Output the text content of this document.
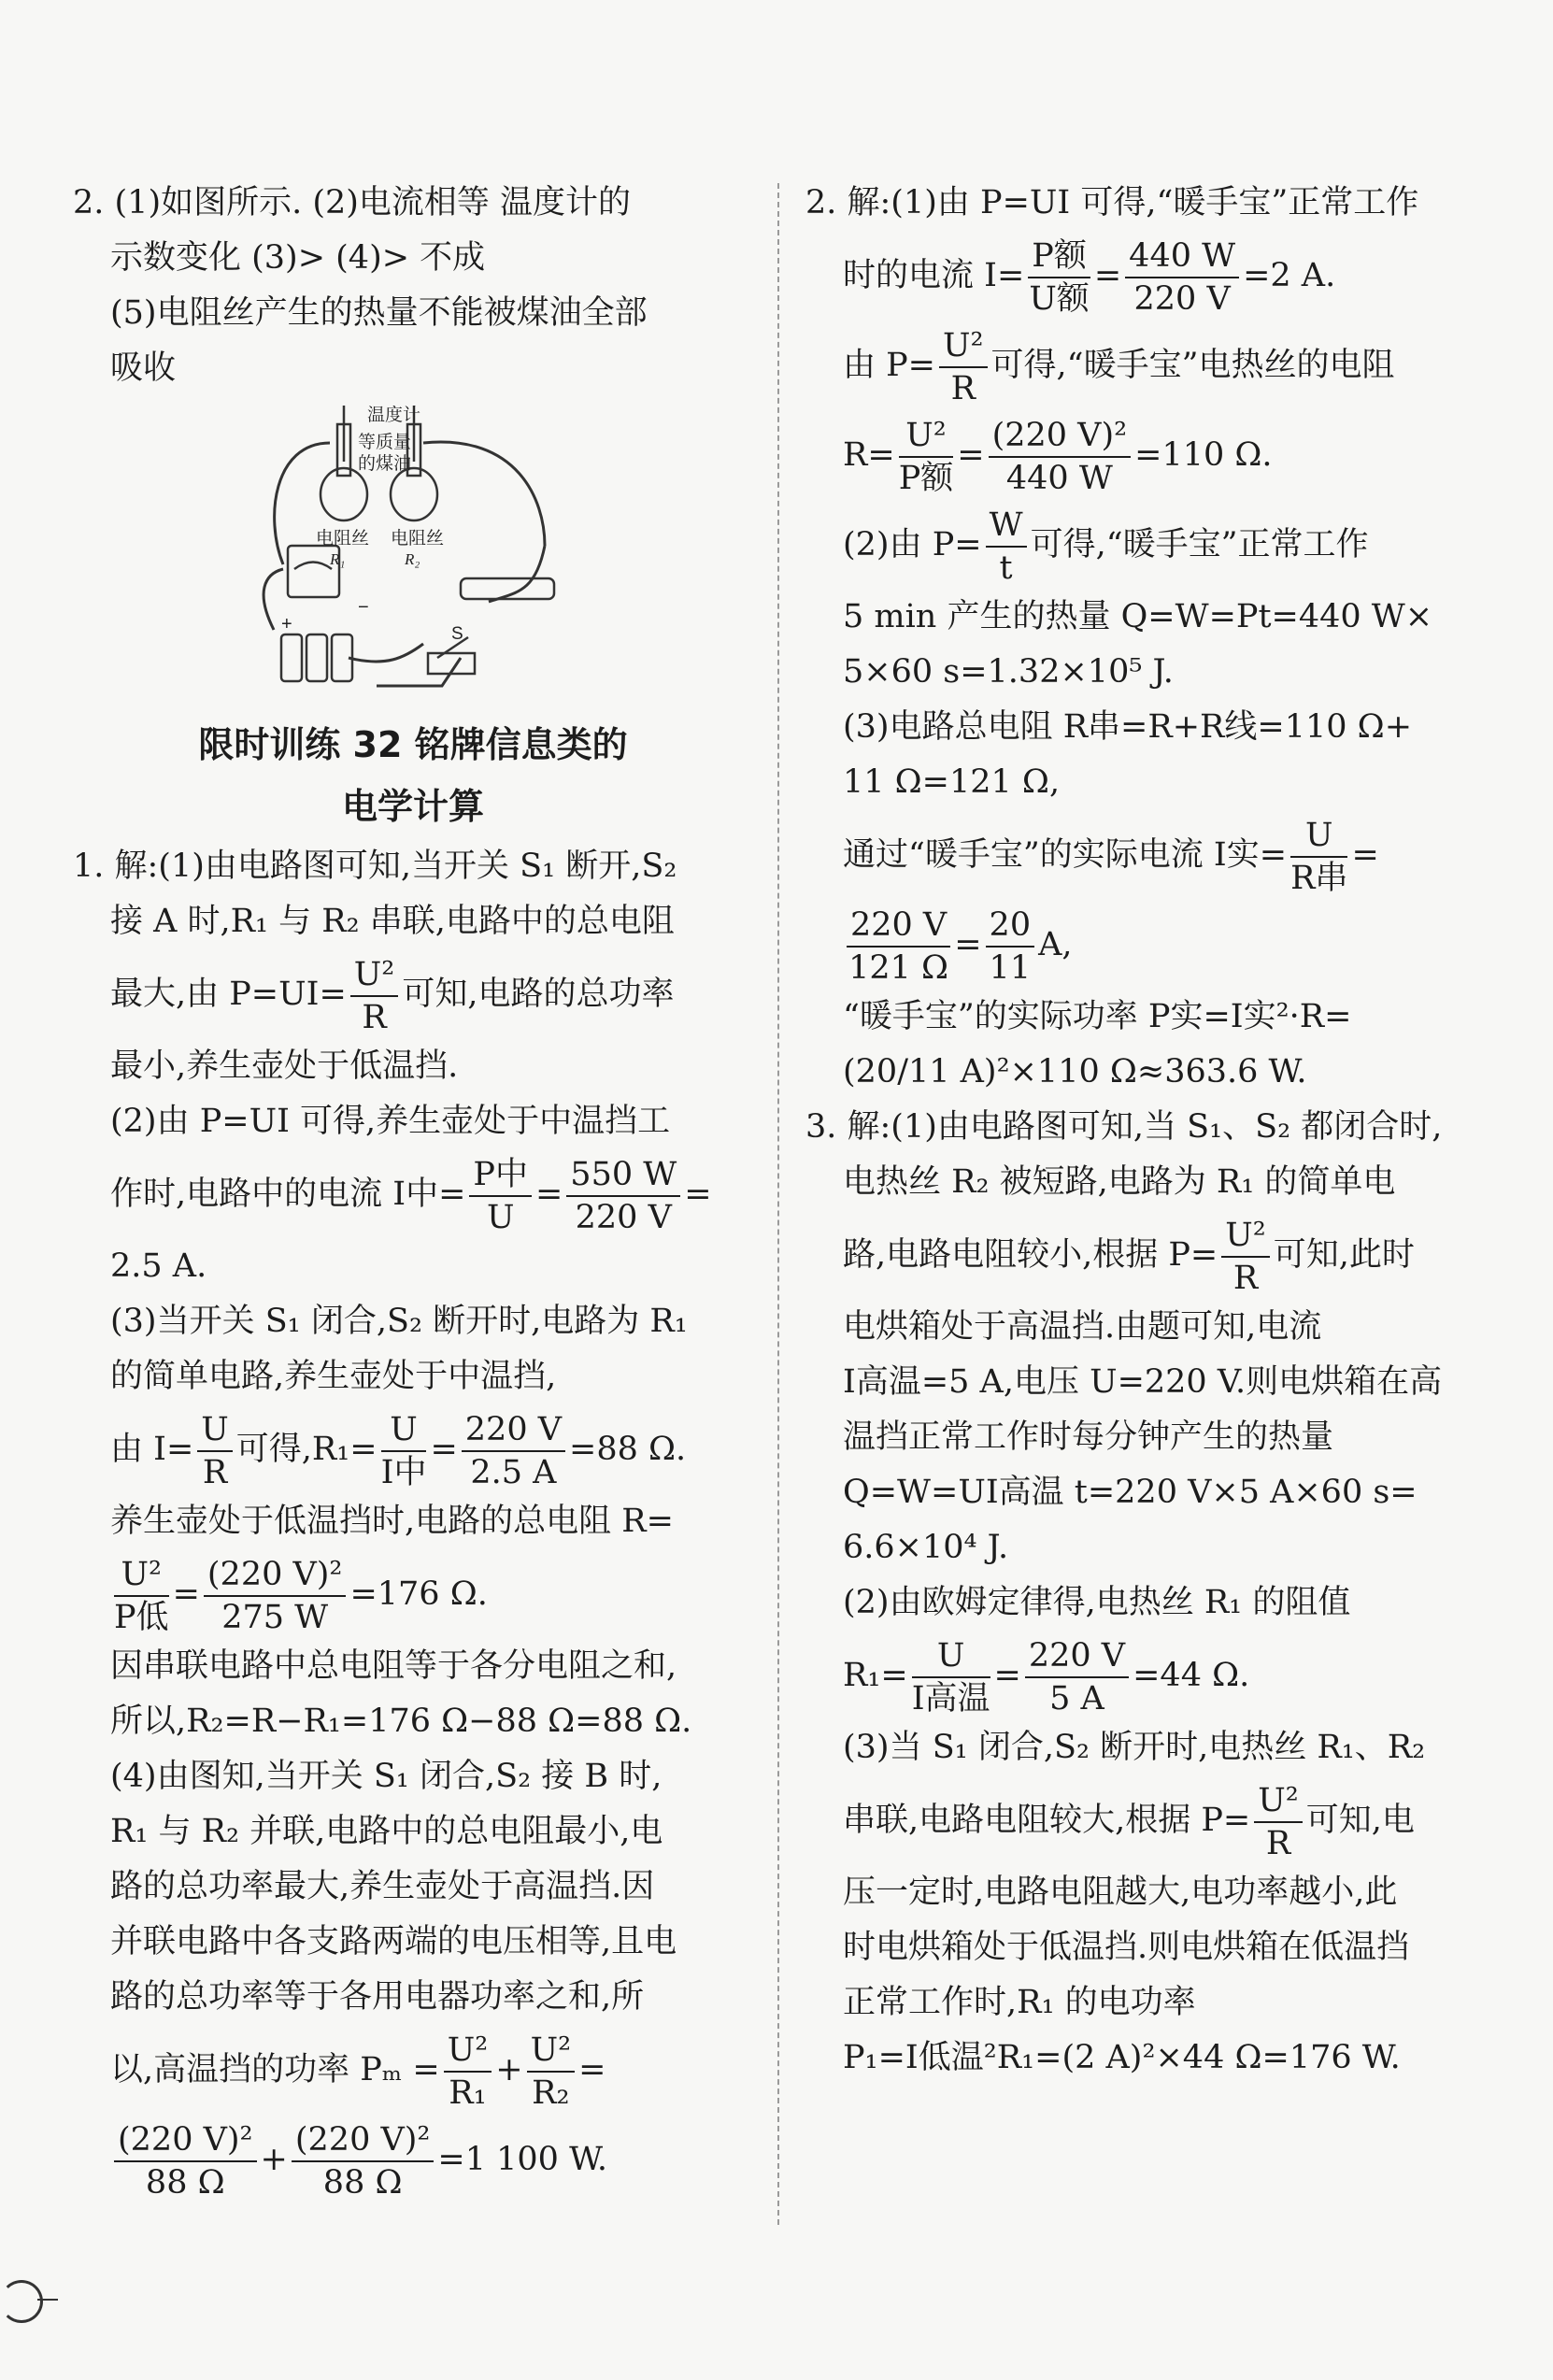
2. (1)如图所示. (2)电流相等 温度计的

示数变化 (3)> (4)> 不成

(5)电阻丝产生的热量不能被煤油全部

吸收

温度计
等质量
的煤油
电阻丝
R₁
电阻丝
R₂
S
+
−
限时训练 32 铭牌信息类的
电学计算

1. 解:(1)由电路图可知,当开关 S₁ 断开,S₂

接 A 时,R₁ 与 R₂ 串联,电路中的总电阻

最大,由 $P=UI= \frac{\text{U²}}{R}$ 可知,电路的总功率

最小,养生壶处于低温挡.

(2)由 P=UI 可得,养生壶处于中温挡工

作时,电路中的电流 I中= $\frac{\text{P中}}{U} = \frac{550 W}{220 V}$ =

2.5 A.

(3)当开关 S₁ 闭合,S₂ 断开时,电路为 R₁

的简单电路,养生壶处于中温挡,

由 $I= \frac{U}{R}$ 可得$,R_1= \frac{U}{\text{I中}} = \frac{220 V}{2.5 A} =88$ Ω.

养生壶处于低温挡时,电路的总电阻 R=

$\frac{\text{U²}}{\text{P低}} = \frac{\text{(220 V)²}}{275 W} =176$ Ω.

因串联电路中总电阻等于各分电阻之和,

所以,R₂=R−R₁=176 Ω−88 Ω=88 Ω.

(4)由图知,当开关 S₁ 闭合,S₂ 接 B 时,

R₁ 与 R₂ 并联,电路中的总电阻最小,电

路的总功率最大,养生壶处于高温挡.因

并联电路中各支路两端的电压相等,且电

路的总功率等于各用电器功率之和,所

以,高温挡的功率 $P_m = \frac{\text{U²}}{\text{R₁}} + \frac{\text{U²}}{\text{R₂}}$ =

$\frac{\text{(220 V)²}}{88 \Omega} + \frac{\text{(220 V)²}}{88 \Omega} =1$ 100 W.

2. 解:(1)由 P=UI 可得,“暖手宝”正常工作

时的电流 $I= \frac{\text{P额}}{\text{U额}} = \frac{440 W}{220 V} =2$ A.

由 $P= \frac{\text{U²}}{R}$ 可得,“暖手宝”电热丝的电阻

$R= \frac{\text{U²}}{\text{P额}} = \frac{\text{(220 V)²}}{440 W} =110$ Ω.

(2)由 $P= \frac{W}{t}$ 可得,“暖手宝”正常工作

5 min 产生的热量 Q=W=Pt=440 W×

5×60 s=1.32×10⁵ J.

(3)电路总电阻 R串=R+R线=110 Ω+

11 Ω=121 Ω,

通过“暖手宝”的实际电流 I实= $\frac{U}{\text{R串}}$ =

$\frac{220 V}{121 \Omega} = \frac{20}{11} A$,

“暖手宝”的实际功率 P实=I实²·R=

(20/11 A)²×110 Ω≈363.6 W.

3. 解:(1)由电路图可知,当 S₁、S₂ 都闭合时,

电热丝 R₂ 被短路,电路为 R₁ 的简单电

路,电路电阻较小,根据 $P= \frac{\text{U²}}{R}$ 可知,此时

电烘箱处于高温挡.由题可知,电流

I高温=5 A,电压 U=220 V.则电烘箱在高

温挡正常工作时每分钟产生的热量

Q=W=UI高温 t=220 V×5 A×60 s=

6.6×10⁴ J.

(2)由欧姆定律得,电热丝 R₁ 的阻值

$R_1= \frac{U}{\text{I高温}} = \frac{220 V}{5 A} =44$ Ω.

(3)当 S₁ 闭合,S₂ 断开时,电热丝 R₁、R₂

串联,电路电阻较大,根据 $P= \frac{\text{U²}}{R}$ 可知,电

压一定时,电路电阻越大,电功率越小,此

时电烘箱处于低温挡.则电烘箱在低温挡

正常工作时,R₁ 的电功率

P₁=I低温²R₁=(2 A)²×44 Ω=176 W.
